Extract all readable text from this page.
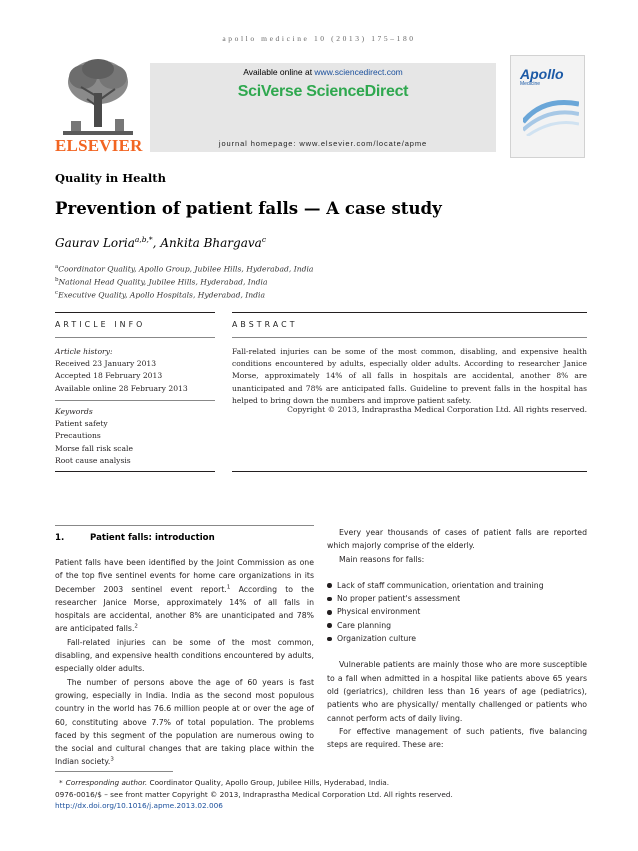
apollo medicine 10 (2013) 175–180
ELSEVIER
Available online at www.sciencedirect.com
SciVerse ScienceDirect
journal homepage: www.elsevier.com/locate/apme
Apollo
Medicine
Quality in Health
Prevention of patient falls — A case study
Gaurav Loria$^{a,b,*}$, Ankita Bhargava$^c$
$^a$Coordinator Quality, Apollo Group, Jubilee Hills, Hyderabad, India
$^b$National Head Quality, Jubilee Hills, Hyderabad, India
$^c$Executive Quality, Apollo Hospitals, Hyderabad, India
ARTICLE INFO
Article history:
Received 23 January 2013
Accepted 18 February 2013
Available online 28 February 2013
Keywords
Patient safety
Precautions
Morse fall risk scale
Root cause analysis
ABSTRACT
Fall-related injuries can be some of the most common, disabling, and expensive health conditions encountered by adults, especially older adults. According to researcher Janice Morse, approximately 14% of all falls in hospitals are accidental, another 8% are unanticipated and 78% are anticipated falls. Guideline to prevent falls in the hospital has helped to bring down the numbers and improve patient safety.
Copyright © 2013, Indraprastha Medical Corporation Ltd. All rights reserved.
1.	Patient falls: introduction

Patient falls have been identified by the Joint Commission as one of the top five sentinel events for home care organizations in its December 2003 sentinel event report.$^1$ According to the researcher Janice Morse, approximately 14% of all falls in hospitals are accidental, another 8% are unanticipated and 78% are anticipated falls.$^2$

Fall-related injuries can be some of the most common, disabling, and expensive health conditions encountered by adults, especially older adults.

The number of persons above the age of 60 years is fast growing, especially in India. India as the second most populous country in the world has 76.6 million people at or over the age of 60, constituting above 7.7% of total population. The problems faced by this segment of the population are numerous owing to the social and cultural changes that are taking place within the Indian society.$^3$

Every year thousands of cases of patient falls are reported which majorly comprise of the elderly.

Main reasons for falls:

Lack of staff communication, orientation and training
No proper patient's assessment
Physical environment
Care planning
Organization culture

Vulnerable patients are mainly those who are more susceptible to a fall when admitted in a hospital like patients above 65 years old (geriatrics), children less than 16 years of age (pediatrics), patients who are physically/ mentally challenged or patients who cannot perform acts of daily living.

For effective management of such patients, five balancing steps are required. These are:

* Corresponding author. Coordinator Quality, Apollo Group, Jubilee Hills, Hyderabad, India.
0976-0016/$ – see front matter Copyright © 2013, Indraprastha Medical Corporation Ltd. All rights reserved.
http://dx.doi.org/10.1016/j.apme.2013.02.006
